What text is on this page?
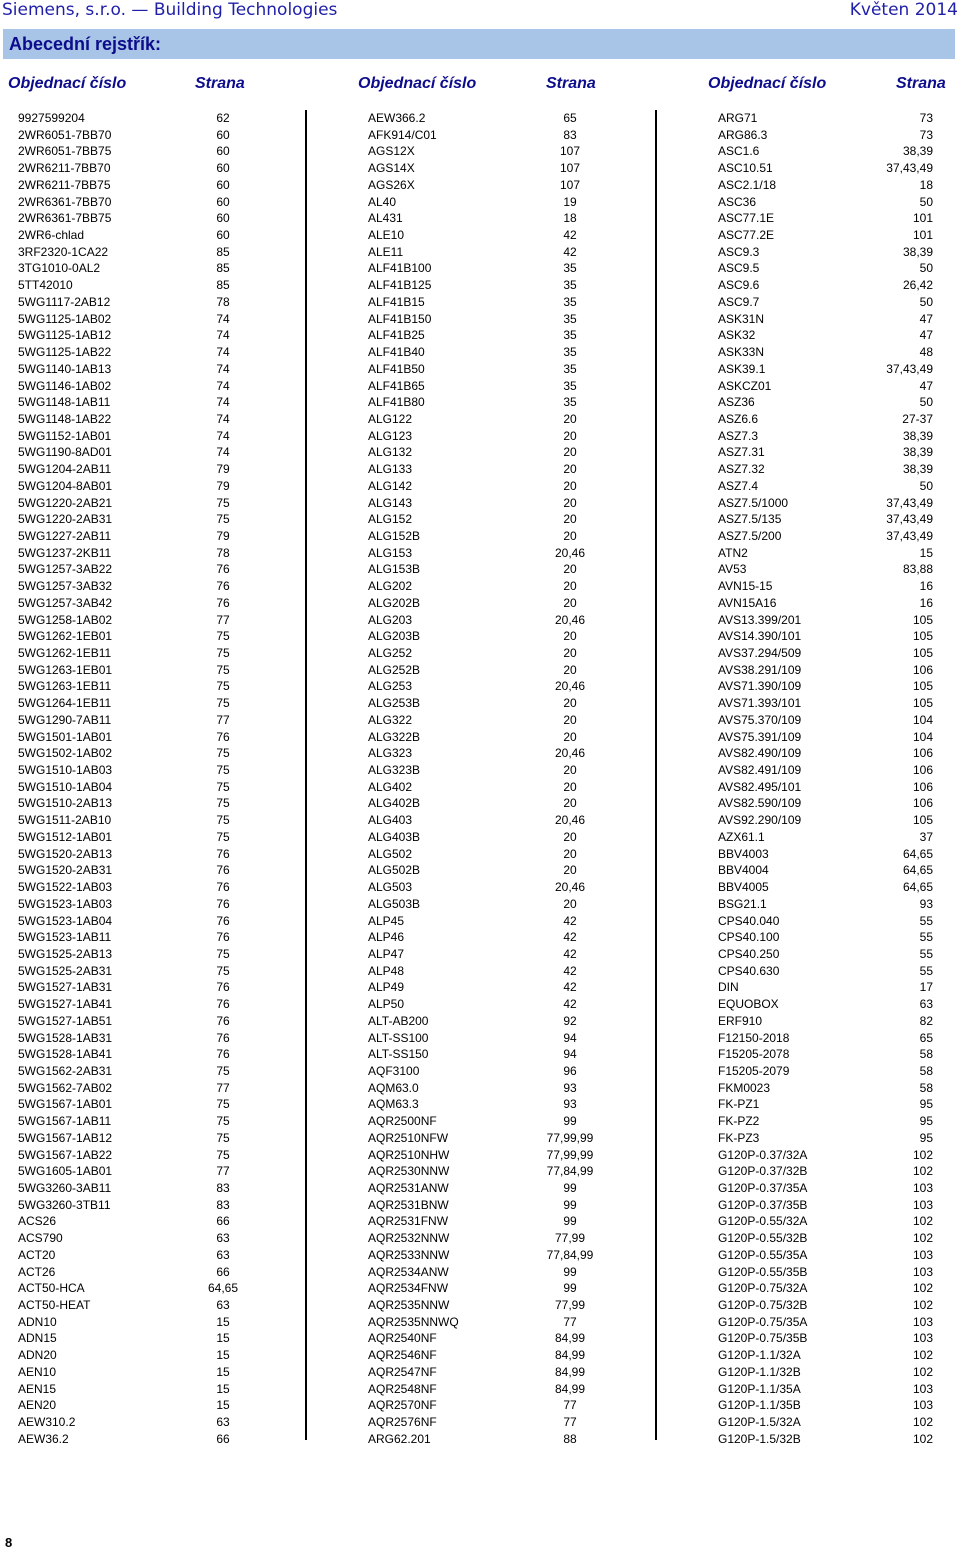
Siemens, s.r.o. — Building Technologies	Květen 2014
Abecední rejstřík:
Objednací číslo	Strana	Objednací číslo	Strana	Objednací číslo	Strana
9927599204	62
2WR6051-7BB70	60
2WR6051-7BB75	60
2WR6211-7BB70	60
2WR6211-7BB75	60
2WR6361-7BB70	60
2WR6361-7BB75	60
2WR6-chlad	60
3RF2320-1CA22	85
3TG1010-0AL2	85
5TT42010	85
5WG1117-2AB12	78
5WG1125-1AB02	74
5WG1125-1AB12	74
5WG1125-1AB22	74
5WG1140-1AB13	74
5WG1146-1AB02	74
5WG1148-1AB11	74
5WG1148-1AB22	74
5WG1152-1AB01	74
5WG1190-8AD01	74
5WG1204-2AB11	79
5WG1204-8AB01	79
5WG1220-2AB21	75
5WG1220-2AB31	75
5WG1227-2AB11	79
5WG1237-2KB11	78
5WG1257-3AB22	76
5WG1257-3AB32	76
5WG1257-3AB42	76
5WG1258-1AB02	77
5WG1262-1EB01	75
5WG1262-1EB11	75
5WG1263-1EB01	75
5WG1263-1EB11	75
5WG1264-1EB11	75
5WG1290-7AB11	77
5WG1501-1AB01	76
5WG1502-1AB02	75
5WG1510-1AB03	75
5WG1510-1AB04	75
5WG1510-2AB13	75
5WG1511-2AB10	75
5WG1512-1AB01	75
5WG1520-2AB13	76
5WG1520-2AB31	76
5WG1522-1AB03	76
5WG1523-1AB03	76
5WG1523-1AB04	76
5WG1523-1AB11	76
5WG1525-2AB13	75
5WG1525-2AB31	75
5WG1527-1AB31	76
5WG1527-1AB41	76
5WG1527-1AB51	76
5WG1528-1AB31	76
5WG1528-1AB41	76
5WG1562-2AB31	75
5WG1562-7AB02	77
5WG1567-1AB01	75
5WG1567-1AB11	75
5WG1567-1AB12	75
5WG1567-1AB22	75
5WG1605-1AB01	77
5WG3260-3AB11	83
5WG3260-3TB11	83
ACS26	66
ACS790	63
ACT20	63
ACT26	66
ACT50-HCA	64,65
ACT50-HEAT	63
ADN10	15
ADN15	15
ADN20	15
AEN10	15
AEN15	15
AEN20	15
AEW310.2	63
AEW36.2	66
AEW366.2	65
AFK914/C01	83
AGS12X	107
AGS14X	107
AGS26X	107
AL40	19
AL431	18
ALE10	42
ALE11	42
ALF41B100	35
ALF41B125	35
ALF41B15	35
ALF41B150	35
ALF41B25	35
ALF41B40	35
ALF41B50	35
ALF41B65	35
ALF41B80	35
ALG122	20
ALG123	20
ALG132	20
ALG133	20
ALG142	20
ALG143	20
ALG152	20
ALG152B	20
ALG153	20,46
ALG153B	20
ALG202	20
ALG202B	20
ALG203	20,46
ALG203B	20
ALG252	20
ALG252B	20
ALG253	20,46
ALG253B	20
ALG322	20
ALG322B	20
ALG323	20,46
ALG323B	20
ALG402	20
ALG402B	20
ALG403	20,46
ALG403B	20
ALG502	20
ALG502B	20
ALG503	20,46
ALG503B	20
ALP45	42
ALP46	42
ALP47	42
ALP48	42
ALP49	42
ALP50	42
ALT-AB200	92
ALT-SS100	94
ALT-SS150	94
AQF3100	96
AQM63.0	93
AQM63.3	93
AQR2500NF	99
AQR2510NFW	77,99,99
AQR2510NHW	77,99,99
AQR2530NNW	77,84,99
AQR2531ANW	99
AQR2531BNW	99
AQR2531FNW	99
AQR2532NNW	77,99
AQR2533NNW	77,84,99
AQR2534ANW	99
AQR2534FNW	99
AQR2535NNW	77,99
AQR2535NNWQ	77
AQR2540NF	84,99
AQR2546NF	84,99
AQR2547NF	84,99
AQR2548NF	84,99
AQR2570NF	77
AQR2576NF	77
ARG62.201	88
ARG71	73
ARG86.3	73
ASC1.6	38,39
ASC10.51	37,43,49
ASC2.1/18	18
ASC36	50
ASC77.1E	101
ASC77.2E	101
ASC9.3	38,39
ASC9.5	50
ASC9.6	26,42
ASC9.7	50
ASK31N	47
ASK32	47
ASK33N	48
ASK39.1	37,43,49
ASKCZ01	47
ASZ36	50
ASZ6.6	27-37
ASZ7.3	38,39
ASZ7.31	38,39
ASZ7.32	38,39
ASZ7.4	50
ASZ7.5/1000	37,43,49
ASZ7.5/135	37,43,49
ASZ7.5/200	37,43,49
ATN2	15
AV53	83,88
AVN15-15	16
AVN15A16	16
AVS13.399/201	105
AVS14.390/101	105
AVS37.294/509	105
AVS38.291/109	106
AVS71.390/109	105
AVS71.393/101	105
AVS75.370/109	104
AVS75.391/109	104
AVS82.490/109	106
AVS82.491/109	106
AVS82.495/101	106
AVS82.590/109	106
AVS92.290/109	105
AZX61.1	37
BBV4003	64,65
BBV4004	64,65
BBV4005	64,65
BSG21.1	93
CPS40.040	55
CPS40.100	55
CPS40.250	55
CPS40.630	55
DIN	17
EQUOBOX	63
ERF910	82
F12150-2018	65
F15205-2078	58
F15205-2079	58
FKM0023	58
FK-PZ1	95
FK-PZ2	95
FK-PZ3	95
G120P-0.37/32A	102
G120P-0.37/32B	102
G120P-0.37/35A	103
G120P-0.37/35B	103
G120P-0.55/32A	102
G120P-0.55/32B	102
G120P-0.55/35A	103
G120P-0.55/35B	103
G120P-0.75/32A	102
G120P-0.75/32B	102
G120P-0.75/35A	103
G120P-0.75/35B	103
G120P-1.1/32A	102
G120P-1.1/32B	102
G120P-1.1/35A	103
G120P-1.1/35B	103
G120P-1.5/32A	102
G120P-1.5/32B	102
8
